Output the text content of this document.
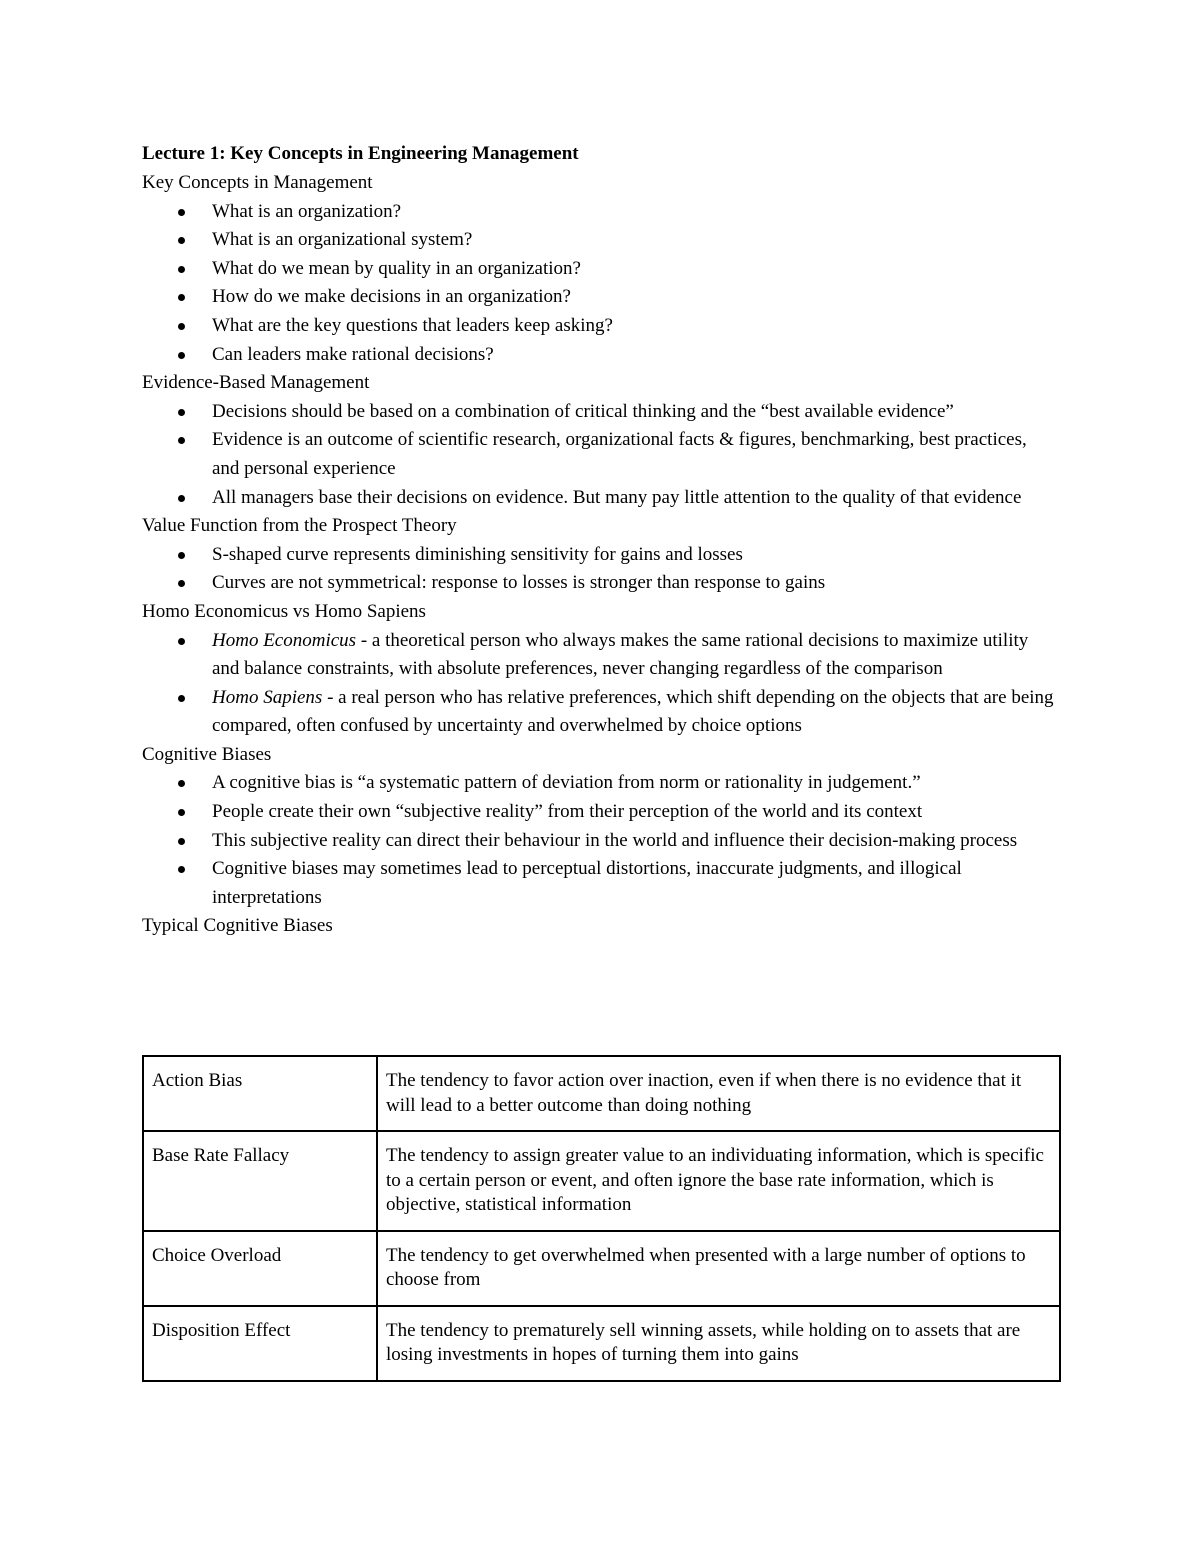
Lecture 1: Key Concepts in Engineering Management
Key Concepts in Management
What is an organization?
What is an organizational system?
What do we mean by quality in an organization?
How do we make decisions in an organization?
What are the key questions that leaders keep asking?
Can leaders make rational decisions?
Evidence-Based Management
Decisions should be based on a combination of critical thinking and the “best available evidence”
Evidence is an outcome of scientific research, organizational facts & figures, benchmarking, best practices, and personal experience
All managers base their decisions on evidence. But many pay little attention to the quality of that evidence
Value Function from the Prospect Theory
S-shaped curve represents diminishing sensitivity for gains and losses
Curves are not symmetrical: response to losses is stronger than response to gains
Homo Economicus vs Homo Sapiens
Homo Economicus - a theoretical person who always makes the same rational decisions to maximize utility and balance constraints, with absolute preferences, never changing regardless of the comparison
Homo Sapiens - a real person who has relative preferences, which shift depending on the objects that are being compared, often confused by uncertainty and overwhelmed by choice options
Cognitive Biases
A cognitive bias is “a systematic pattern of deviation from norm or rationality in judgement.”
People create their own “subjective reality” from their perception of the world and its context
This subjective reality can direct their behaviour in the world and influence their decision-making process
Cognitive biases may sometimes lead to perceptual distortions, inaccurate judgments, and illogical interpretations
Typical Cognitive Biases
Action Bias	The tendency to favor action over inaction, even if when there is no evidence that it will lead to a better outcome than doing nothing
Base Rate Fallacy	The tendency to assign greater value to an individuating information, which is specific to a certain person or event, and often ignore the base rate information, which is objective, statistical information
Choice Overload	The tendency to get overwhelmed when presented with a large number of options to choose from
Disposition Effect	The tendency to prematurely sell winning assets, while holding on to assets that are losing investments in hopes of turning them into gains
